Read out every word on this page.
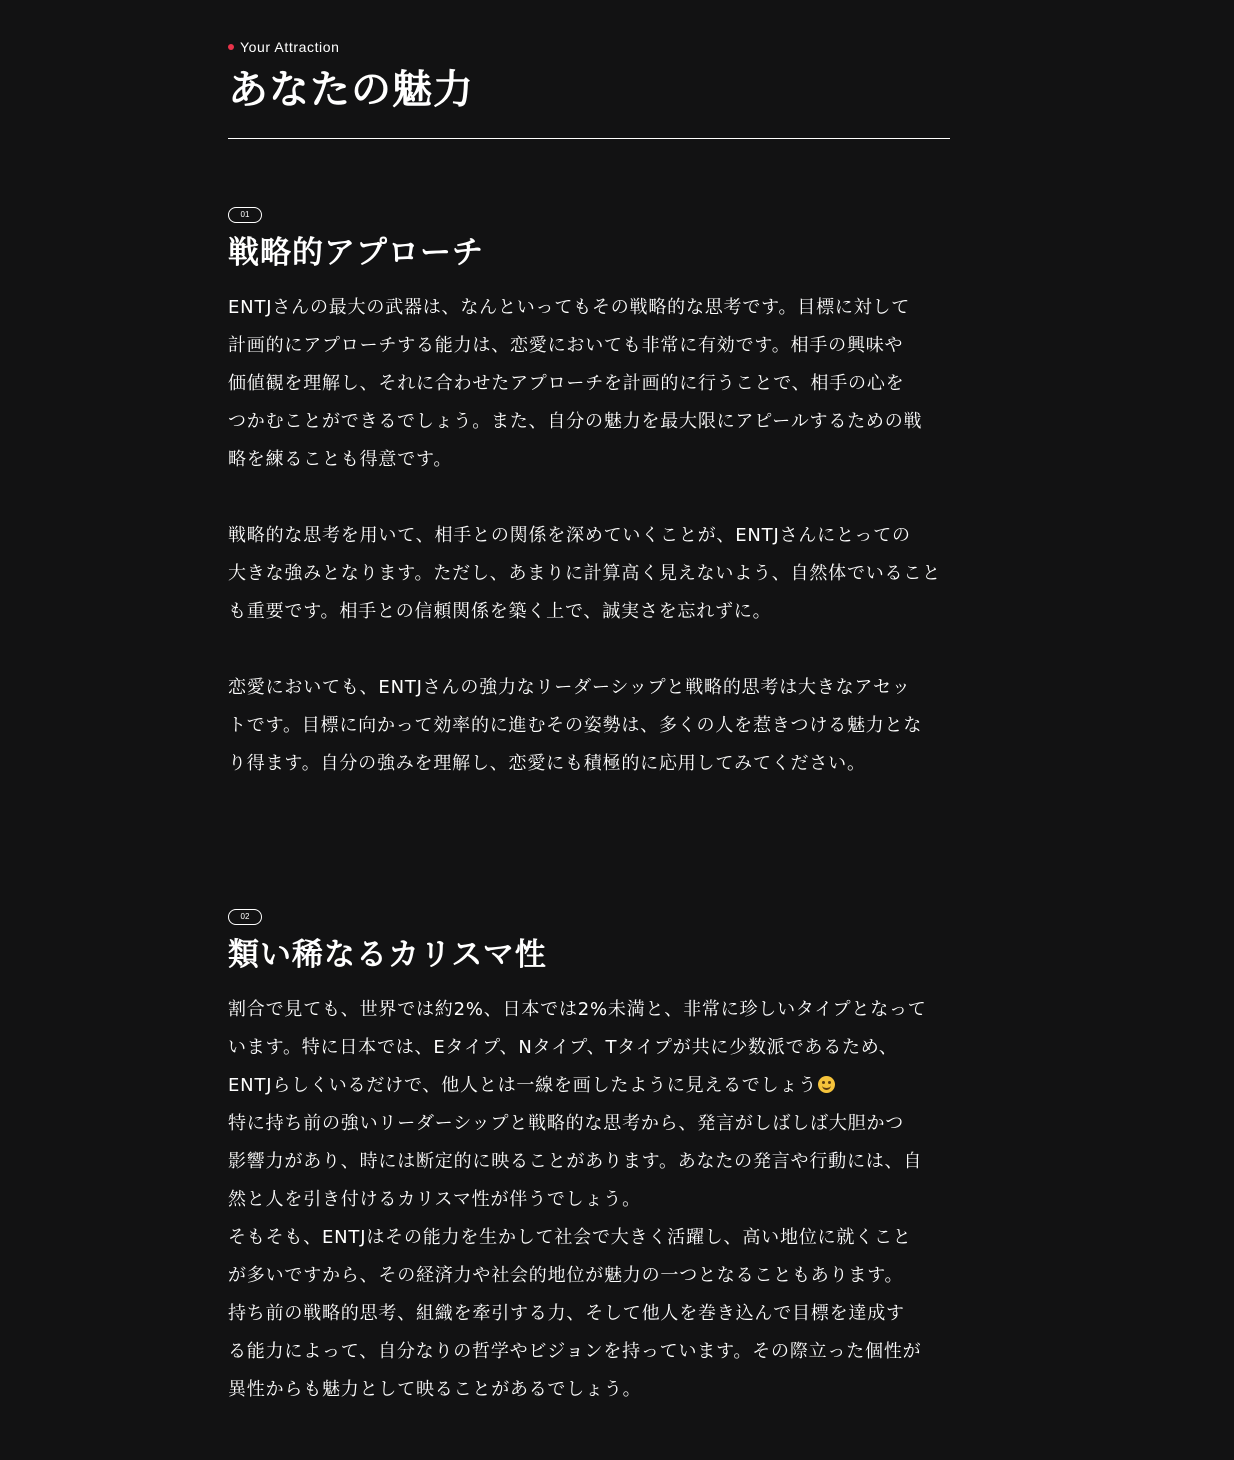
Your Attraction
あなたの魅力
01
戦略的アプローチ

ENTJさんの最大の武器は、なんといってもその戦略的な思考です。目標に対して
計画的にアプローチする能力は、恋愛においても非常に有効です。相手の興味や
価値観を理解し、それに合わせたアプローチを計画的に行うことで、相手の心を
つかむことができるでしょう。また、自分の魅力を最大限にアピールするための戦
略を練ることも得意です。

戦略的な思考を用いて、相手との関係を深めていくことが、ENTJさんにとっての
大きな強みとなります。ただし、あまりに計算高く見えないよう、自然体でいること
も重要です。相手との信頼関係を築く上で、誠実さを忘れずに。

恋愛においても、ENTJさんの強力なリーダーシップと戦略的思考は大きなアセッ
トです。目標に向かって効率的に進むその姿勢は、多くの人を惹きつける魅力とな
り得ます。自分の強みを理解し、恋愛にも積極的に応用してみてください。

02
類い稀なるカリスマ性

割合で見ても、世界では約2%、日本では2%未満と、非常に珍しいタイプとなって
います。特に日本では、Eタイプ、Nタイプ、Tタイプが共に少数派であるため、
ENTJらしくいるだけで、他人とは一線を画したように見えるでしょう
特に持ち前の強いリーダーシップと戦略的な思考から、発言がしばしば大胆かつ
影響力があり、時には断定的に映ることがあります。あなたの発言や行動には、自
然と人を引き付けるカリスマ性が伴うでしょう。
そもそも、ENTJはその能力を生かして社会で大きく活躍し、高い地位に就くこと
が多いですから、その経済力や社会的地位が魅力の一つとなることもあります。
持ち前の戦略的思考、組織を牽引する力、そして他人を巻き込んで目標を達成す
る能力によって、自分なりの哲学やビジョンを持っています。その際立った個性が
異性からも魅力として映ることがあるでしょう。
